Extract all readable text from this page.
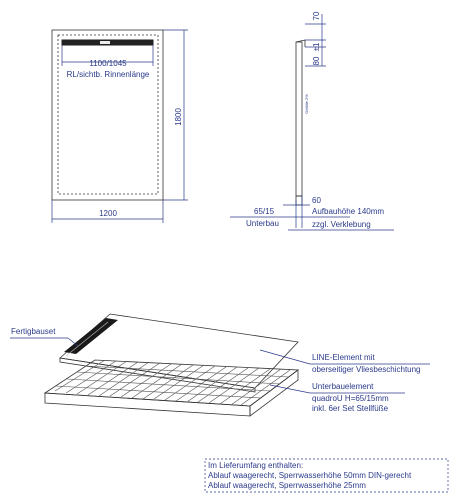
1100/1045
RL/sichtb. Rinnenlänge
1800
1200
70
±1
80
Gefälle 2%
60
65/15
Unterbau
Aufbauhöhe 140mm
zzgl. Verklebung
Fertigbauset
LINE-Element mit
oberseitiger Vliesbeschichtung
Unterbauelement
quadroU H=65/15mm
inkl. 6er Set Stellfüße
Im Lieferumfang enthalten:
Ablauf waagerecht, Sperrwasserhöhe 50mm DIN-gerecht
Ablauf waagerecht, Sperrwasserhöhe 25mm
